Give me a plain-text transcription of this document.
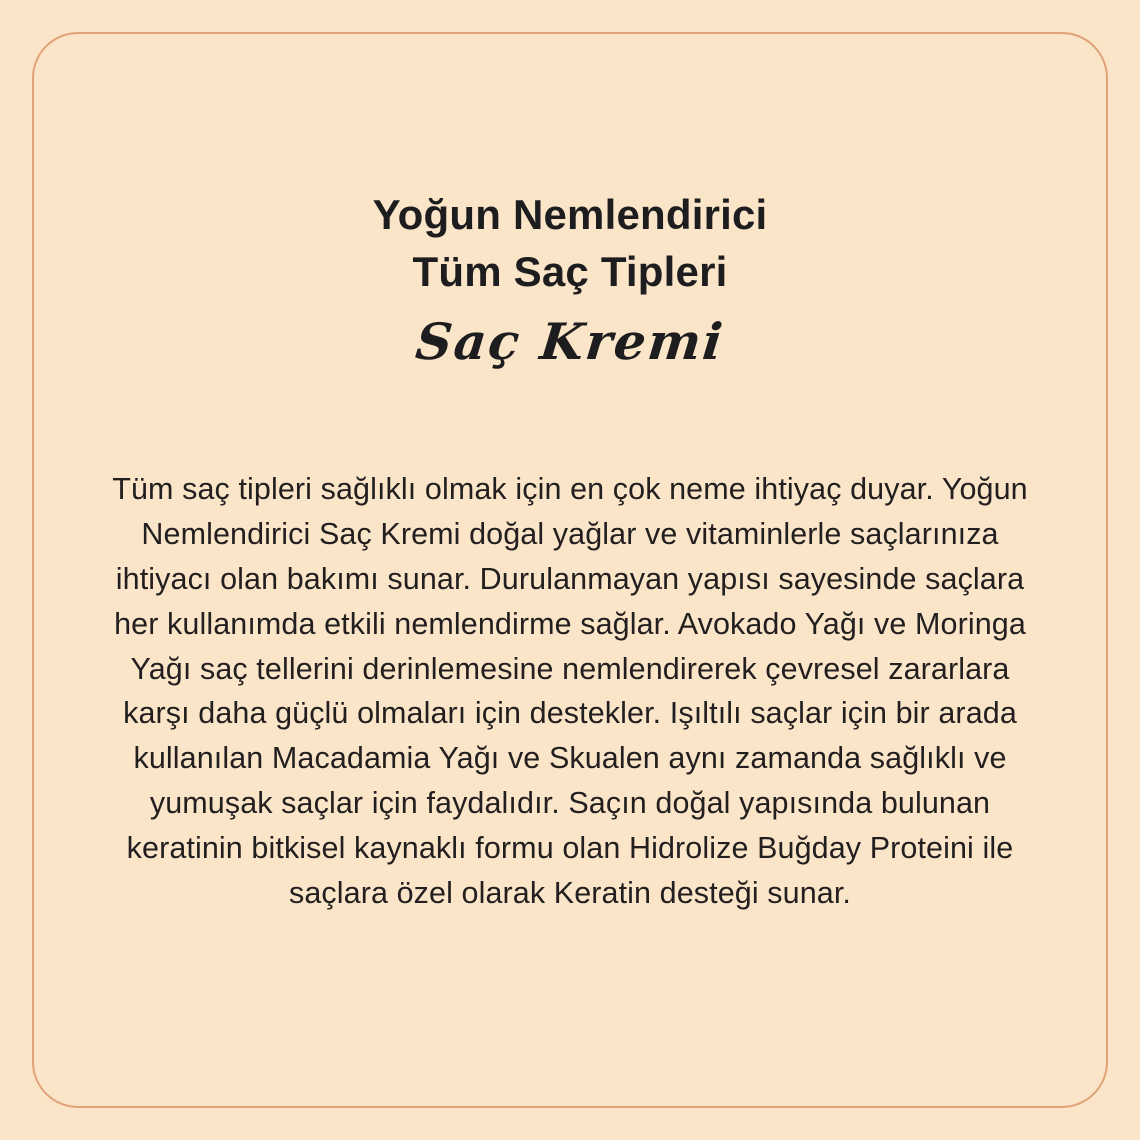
Yoğun Nemlendirici
Tüm Saç Tipleri
Saç Kremi
Tüm saç tipleri sağlıklı olmak için en çok neme ihtiyaç duyar. Yoğun Nemlendirici Saç Kremi doğal yağlar ve vitaminlerle saçlarınıza ihtiyacı olan bakımı sunar. Durulanmayan yapısı sayesinde saçlara her kullanımda etkili nemlendirme sağlar. Avokado Yağı ve Moringa Yağı saç tellerini derinlemesine nemlendirerek çevresel zararlara karşı daha güçlü olmaları için destekler. Işıltılı saçlar için bir arada kullanılan Macadamia Yağı ve Skualen aynı zamanda sağlıklı ve yumuşak saçlar için faydalıdır. Saçın doğal yapısında bulunan keratinin bitkisel kaynaklı formu olan Hidrolize Buğday Proteini ile saçlara özel olarak Keratin desteği sunar.
